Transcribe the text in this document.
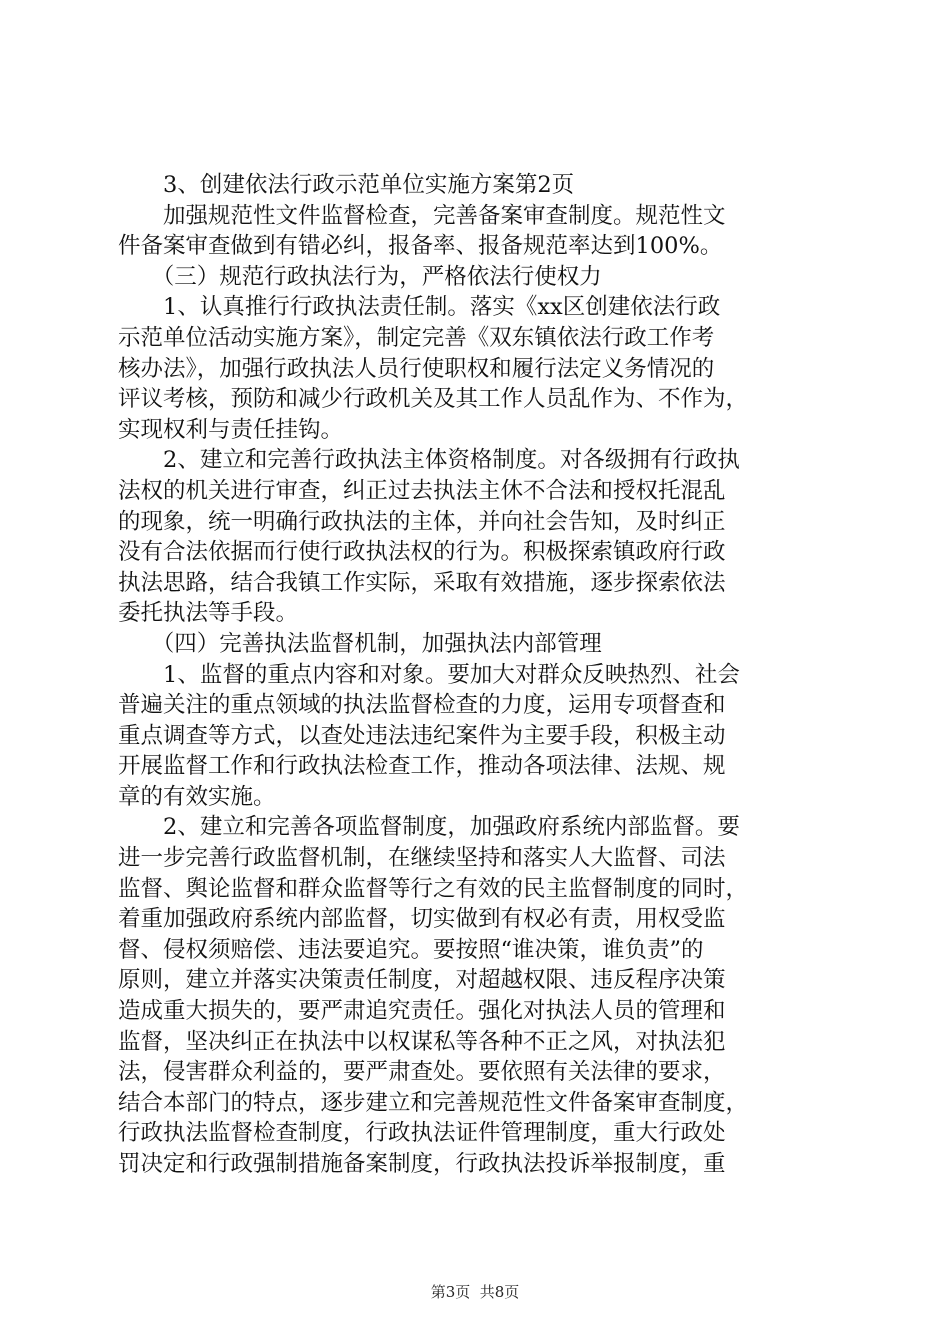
　　3、创建依法行政示范单位实施方案第2页
　　加强规范性文件监督检查，完善备案审查制度。规范性文
件备案审查做到有错必纠，报备率、报备规范率达到100%。
　　（三）规范行政执法行为，严格依法行使权力
　　1、认真推行行政执法责任制。落实《xx区创建依法行政
示范单位活动实施方案》，制定完善《双东镇依法行政工作考
核办法》，加强行政执法人员行使职权和履行法定义务情况的
评议考核，预防和减少行政机关及其工作人员乱作为、不作为，
实现权利与责任挂钩。
　　2、建立和完善行政执法主体资格制度。对各级拥有行政执
法权的机关进行审查，纠正过去执法主休不合法和授权托混乱
的现象，统一明确行政执法的主体，并向社会告知，及时纠正
没有合法依据而行使行政执法权的行为。积极探索镇政府行政
执法思路，结合我镇工作实际，采取有效措施，逐步探索依法
委托执法等手段。
　　（四）完善执法监督机制，加强执法内部管理
　　1、监督的重点内容和对象。要加大对群众反映热烈、社会
普遍关注的重点领域的执法监督检查的力度，运用专项督查和
重点调查等方式，以查处违法违纪案件为主要手段，积极主动
开展监督工作和行政执法检查工作，推动各项法律、法规、规
章的有效实施。
　　2、建立和完善各项监督制度，加强政府系统内部监督。要
进一步完善行政监督机制，在继续坚持和落实人大监督、司法
监督、舆论监督和群众监督等行之有效的民主监督制度的同时，
着重加强政府系统内部监督，切实做到有权必有责，用权受监
督、侵权须赔偿、违法要追究。要按照“谁决策，谁负责”的
原则，建立并落实决策责任制度，对超越权限、违反程序决策
造成重大损失的，要严肃追究责任。强化对执法人员的管理和
监督，坚决纠正在执法中以权谋私等各种不正之风，对执法犯
法，侵害群众利益的，要严肃查处。要依照有关法律的要求，
结合本部门的特点，逐步建立和完善规范性文件备案审查制度，
行政执法监督检查制度，行政执法证件管理制度，重大行政处
罚决定和行政强制措施备案制度，行政执法投诉举报制度，重
第3页  共8页
